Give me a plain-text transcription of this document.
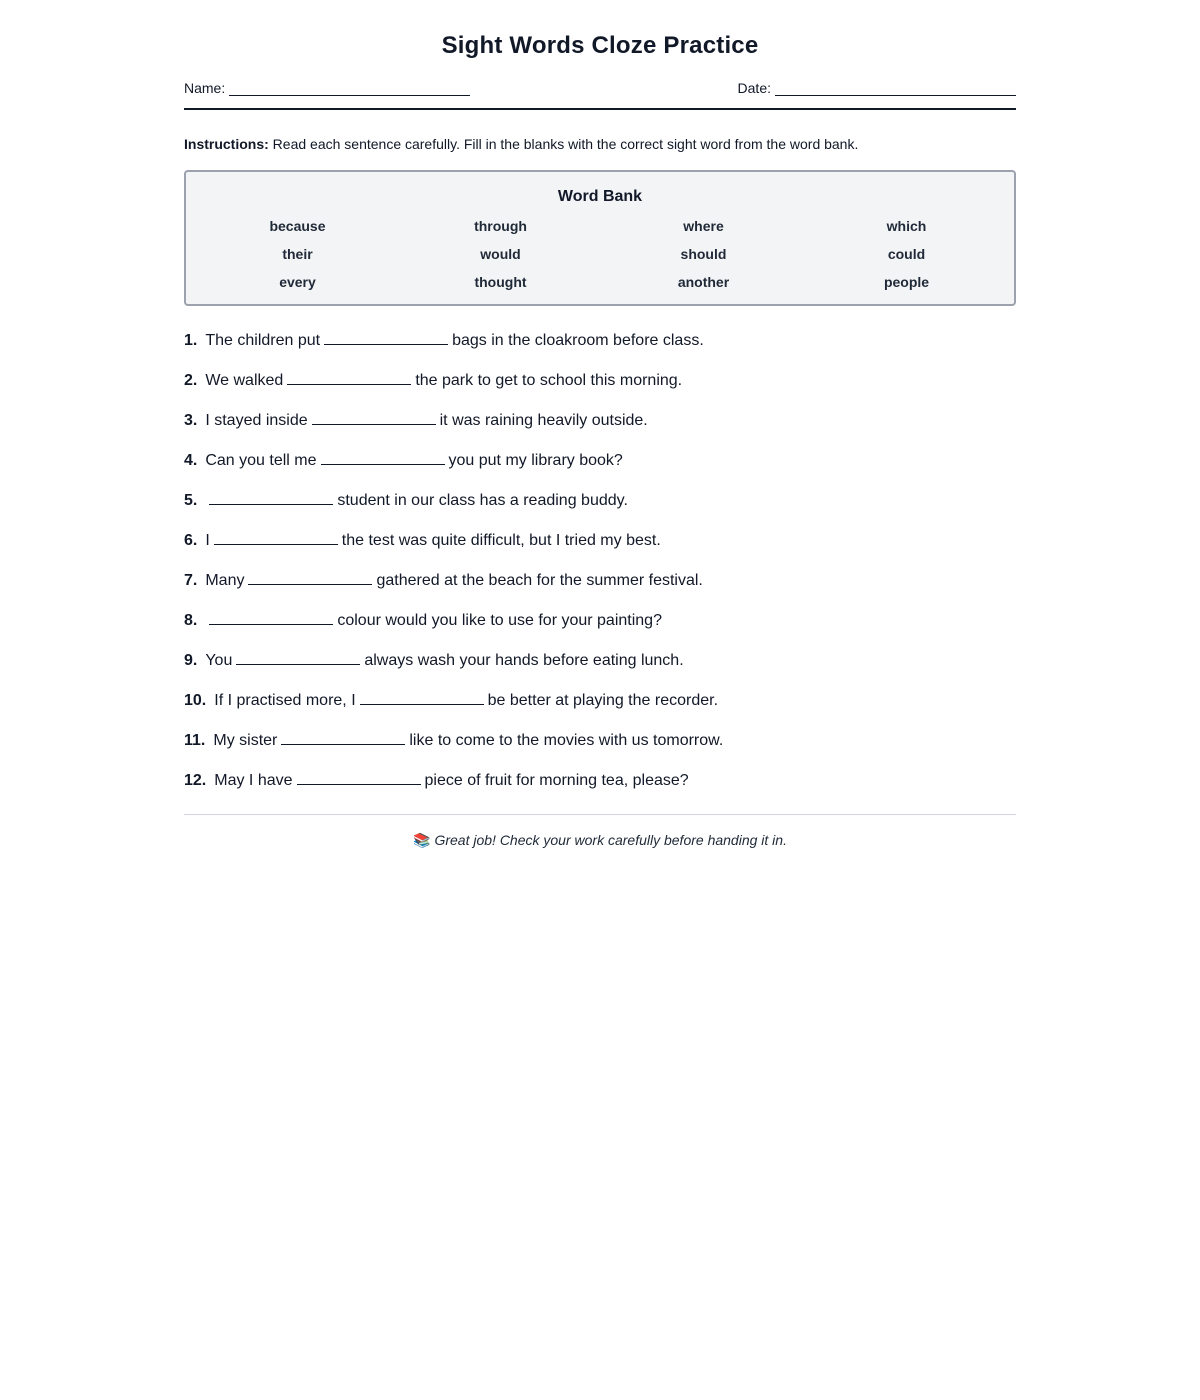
Sight Words Cloze Practice
Name:	Date:

Instructions: Read each sentence carefully. Fill in the blanks with the correct sight word from the word bank.

Word Bank
because	through	where	which
their	would	should	could
every	thought	another	people
1. The children put	bags in the cloakroom before class.
2. We walked	the park to get to school this morning.
3. I stayed inside	it was raining heavily outside.
4. Can you tell me	you put my library book?
5.	student in our class has a reading buddy.
6. I	the test was quite difficult, but I tried my best.
7. Many	gathered at the beach for the summer festival.
8.	colour would you like to use for your painting?
9. You	always wash your hands before eating lunch.
10. If I practised more, I	be better at playing the recorder.
11. My sister	like to come to the movies with us tomorrow.
12. May I have	piece of fruit for morning tea, please?
📚 Great job! Check your work carefully before handing it in.
